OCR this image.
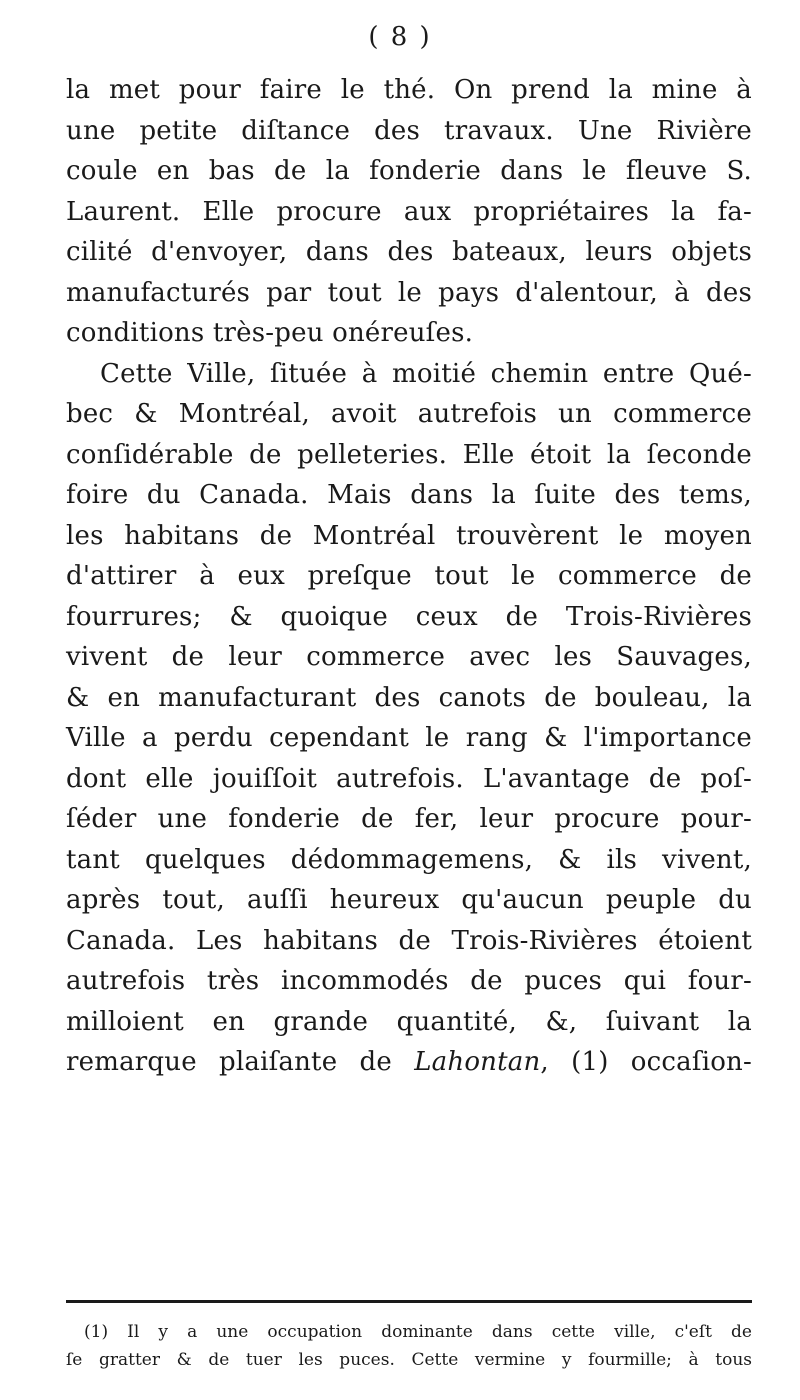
( 8 )
la met pour faire le thé. On prend la mine à
une petite diſtance des travaux. Une Rivière
coule en bas de la fonderie dans le fleuve S.
Laurent. Elle procure aux propriétaires la fa-
cilité d'envoyer, dans des bateaux, leurs objets
manufacturés par tout le pays d'alentour, à des
conditions très-peu onéreuſes.
Cette Ville, ſituée à moitié chemin entre Qué-
bec & Montréal, avoit autrefois un commerce
conſidérable de pelleteries. Elle étoit la ſeconde
foire du Canada. Mais dans la ſuite des tems,
les habitans de Montréal trouvèrent le moyen
d'attirer à eux preſque tout le commerce de
fourrures; & quoique ceux de Trois-Rivières
vivent de leur commerce avec les Sauvages,
& en manufacturant des canots de bouleau, la
Ville a perdu cependant le rang & l'importance
dont elle jouiſſoit autrefois. L'avantage de poſ-
ſéder une fonderie de fer, leur procure pour-
tant quelques dédommagemens, & ils vivent,
après tout, auſſi heureux qu'aucun peuple du
Canada. Les habitans de Trois-Rivières étoient
autrefois très incommodés de puces qui four-
milloient en grande quantité, &, ſuivant la
remarque plaiſante de Lahontan, (1) occaſion-
(1) Il y a une occupation dominante dans cette ville, c'eſt de
ſe gratter & de tuer les puces. Cette vermine y fourmille; à tous
